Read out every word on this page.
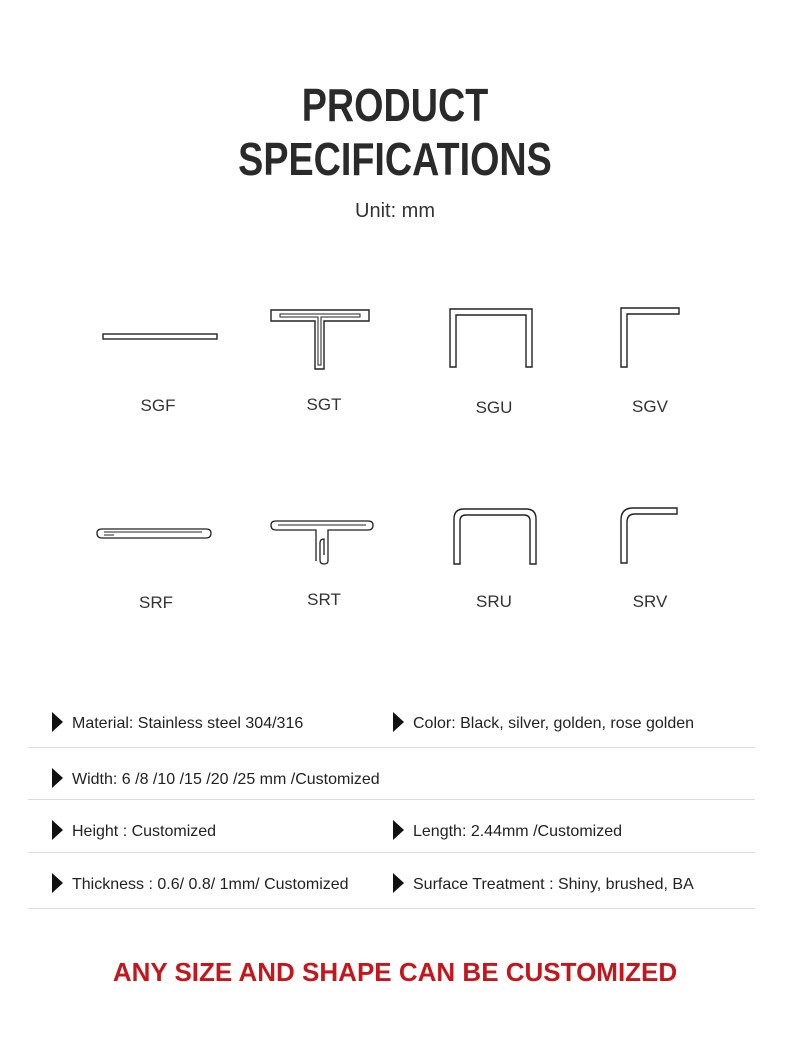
PRODUCT
SPECIFICATIONS
Unit: mm
SGF	SGT	SGU	SGV
SRF	SRT	SRU	SRV
Material: Stainless steel 304/316	Color: Black, silver, golden, rose golden
Width: 6 /8 /10 /15 /20 /25 mm /Customized
Height : Customized	Length: 2.44mm /Customized
Thickness : 0.6/ 0.8/ 1mm/ Customized	Surface Treatment : Shiny, brushed, BA
ANY SIZE AND SHAPE CAN BE CUSTOMIZED
